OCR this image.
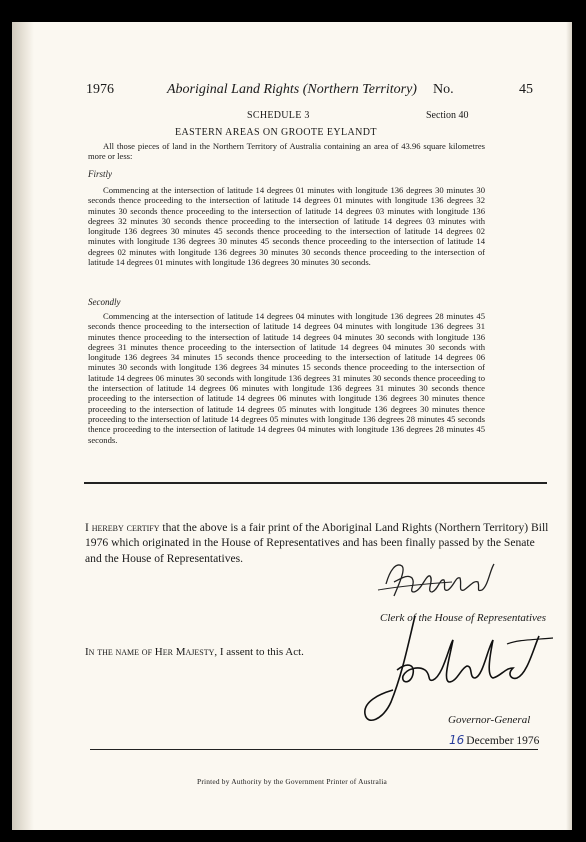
1976	Aboriginal Land Rights (Northern Territory) No.	45
SCHEDULE 3	Section 40
EASTERN AREAS ON GROOTE EYLANDT

All those pieces of land in the Northern Territory of Australia containing an area of 43.96 square kilometres more or less:

Firstly

Commencing at the intersection of latitude 14 degrees 01 minutes with longitude 136 degrees 30 minutes 30 seconds thence proceeding to the intersection of latitude 14 degrees 01 minutes with longitude 136 degrees 32 minutes 30 seconds thence proceeding to the intersection of latitude 14 degrees 03 minutes with longitude 136 degrees 32 minutes 30 seconds thence proceeding to the intersection of latitude 14 degrees 03 minutes with longitude 136 degrees 30 minutes 45 seconds thence proceeding to the intersection of latitude 14 degrees 02 minutes with longitude 136 degrees 30 minutes 45 seconds thence proceeding to the intersection of latitude 14 degrees 02 minutes with longitude 136 degrees 30 minutes 30 seconds thence proceeding to the intersection of latitude 14 degrees 01 minutes with longitude 136 degrees 30 minutes 30 seconds.

Secondly

Commencing at the intersection of latitude 14 degrees 04 minutes with longitude 136 degrees 28 minutes 45 seconds thence proceeding to the intersection of latitude 14 degrees 04 minutes with longitude 136 degrees 31 minutes thence proceeding to the intersection of latitude 14 degrees 04 minutes 30 seconds with longitude 136 degrees 31 minutes thence proceeding to the intersection of latitude 14 degrees 04 minutes 30 seconds with longitude 136 degrees 34 minutes 15 seconds thence proceeding to the intersection of latitude 14 degrees 06 minutes 30 seconds with longitude 136 degrees 34 minutes 15 seconds thence proceeding to the intersection of latitude 14 degrees 06 minutes 30 seconds with longitude 136 degrees 31 minutes 30 seconds thence proceeding to the intersection of latitude 14 degrees 06 minutes with longitude 136 degrees 31 minutes 30 seconds thence proceeding to the intersection of latitude 14 degrees 06 minutes with longitude 136 degrees 30 minutes thence proceeding to the intersection of latitude 14 degrees 05 minutes with longitude 136 degrees 30 minutes thence proceeding to the intersection of latitude 14 degrees 05 minutes with longitude 136 degrees 28 minutes 45 seconds thence proceeding to the intersection of latitude 14 degrees 04 minutes with longitude 136 degrees 28 minutes 45 seconds.

I hereby certify that the above is a fair print of the Aboriginal Land Rights (Northern Territory) Bill 1976 which originated in the House of Representatives and has been finally passed by the Senate and the House of Representatives.

Clerk of the House of Representatives

In the name of Her Majesty, I assent to this Act.

Governor-General
16 December 1976
Printed by Authority by the Government Printer of Australia
